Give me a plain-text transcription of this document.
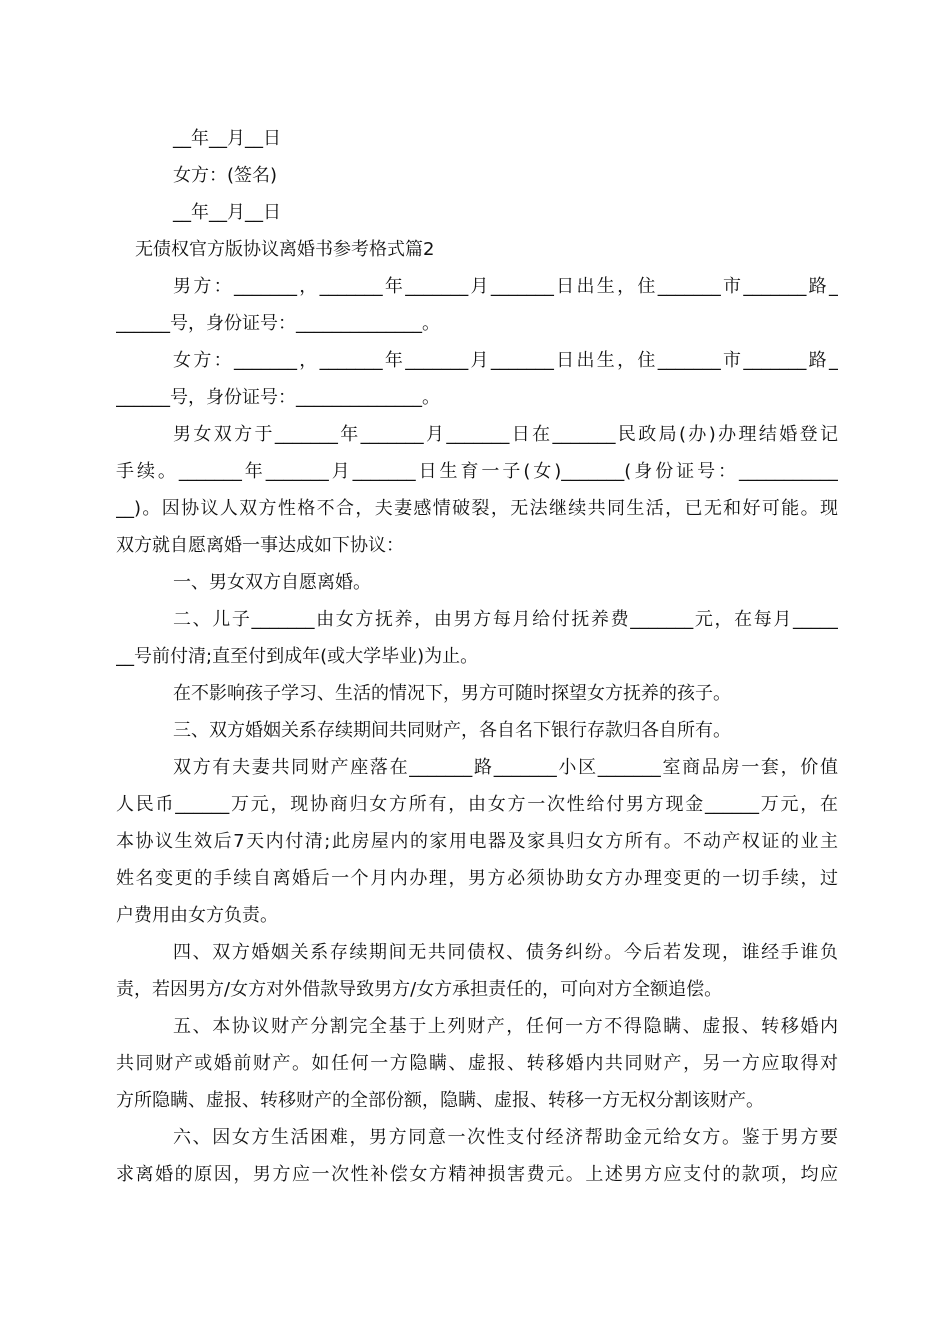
__年__月__日
女方：(签名)
__年__月__日
无债权官方版协议离婚书参考格式篇2
男方：_______，_______年_______月_______日出生，住_______市_______路_
______号，身份证号：______________。
女方：_______，_______年_______月_______日出生，住_______市_______路_
______号，身份证号：______________。
男女双方于_______年_______月_______日在_______民政局(办)办理结婚登记
手续。_______年_______月_______日生育一子(女)_______(身份证号：___________
__)。因协议人双方性格不合，夫妻感情破裂，无法继续共同生活，已无和好可能。现
双方就自愿离婚一事达成如下协议：
一、男女双方自愿离婚。
二、儿子_______由女方抚养，由男方每月给付抚养费_______元，在每月_____
__号前付清;直至付到成年(或大学毕业)为止。
在不影响孩子学习、生活的情况下，男方可随时探望女方抚养的孩子。
三、双方婚姻关系存续期间共同财产，各自名下银行存款归各自所有。
双方有夫妻共同财产座落在_______路_______小区_______室商品房一套，价值
人民币______万元，现协商归女方所有，由女方一次性给付男方现金______万元，在
本协议生效后7天内付清;此房屋内的家用电器及家具归女方所有。不动产权证的业主
姓名变更的手续自离婚后一个月内办理，男方必须协助女方办理变更的一切手续，过
户费用由女方负责。
四、双方婚姻关系存续期间无共同债权、债务纠纷。今后若发现，谁经手谁负
责，若因男方/女方对外借款导致男方/女方承担责任的，可向对方全额追偿。
五、本协议财产分割完全基于上列财产，任何一方不得隐瞒、虚报、转移婚内
共同财产或婚前财产。如任何一方隐瞒、虚报、转移婚内共同财产，另一方应取得对
方所隐瞒、虚报、转移财产的全部份额，隐瞒、虚报、转移一方无权分割该财产。
六、因女方生活困难，男方同意一次性支付经济帮助金元给女方。鉴于男方要
求离婚的原因，男方应一次性补偿女方精神损害费元。上述男方应支付的款项，均应
